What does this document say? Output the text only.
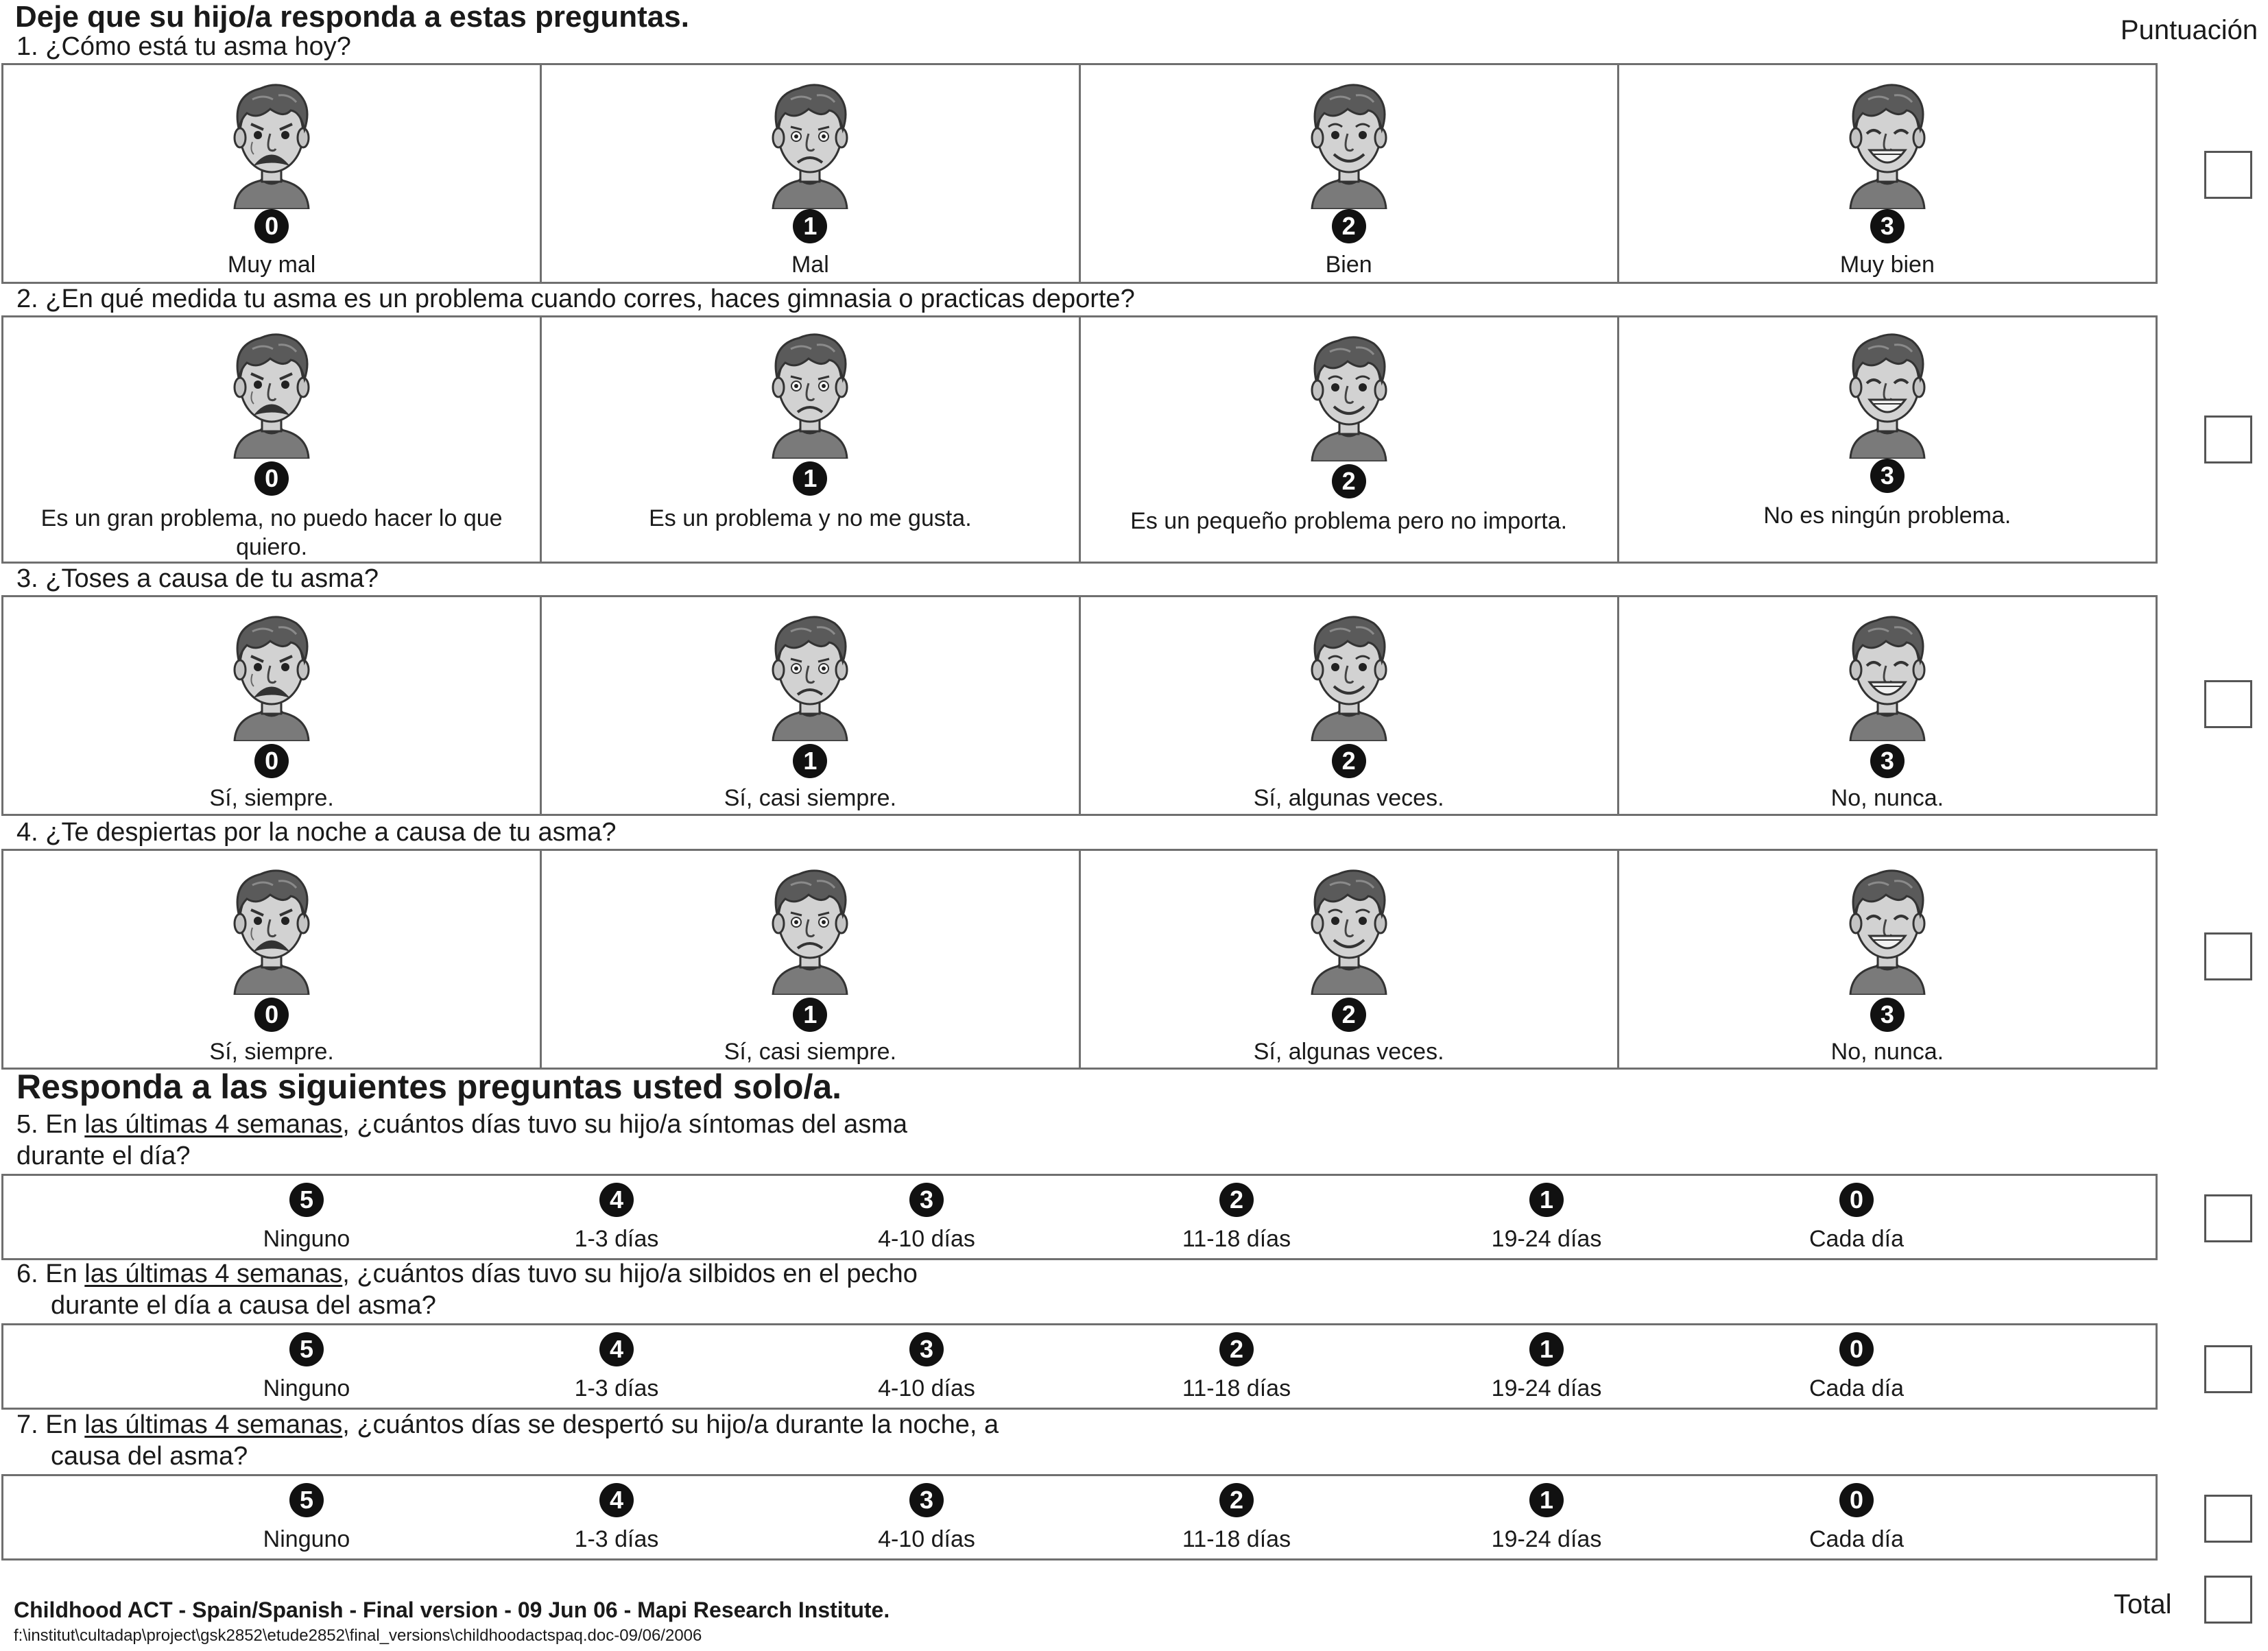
Deje que su hijo/a responda a estas preguntas.	Puntuación
1. ¿Cómo está tu asma hoy?
0
Muy mal
1
Mal
2
Bien
3
Muy bien
2. ¿En qué medida tu asma es un problema cuando corres, haces gimnasia o practicas deporte?
0
Es un gran problema, no puedo hacer lo que quiero.
1
Es un problema y no me gusta.
2
Es un pequeño problema pero no importa.
3
No es ningún problema.
3. ¿Toses a causa de tu asma?
0
Sí, siempre.
1
Sí, casi siempre.
2
Sí, algunas veces.
3
No, nunca.
4. ¿Te despiertas por la noche a causa de tu asma?
0
Sí, siempre.
1
Sí, casi siempre.
2
Sí, algunas veces.
3
No, nunca.
Responda a las siguientes preguntas usted solo/a.
5. En las últimas 4 semanas, ¿cuántos días tuvo su hijo/a síntomas del asma
durante el día?
5
Ninguno
4
1-3 días
3
4-10 días
2
11-18 días
1
19-24 días
0
Cada día
6. En las últimas 4 semanas, ¿cuántos días tuvo su hijo/a silbidos en el pecho
durante el día a causa del asma?
5
Ninguno
4
1-3 días
3
4-10 días
2
11-18 días
1
19-24 días
0
Cada día
7. En las últimas 4 semanas, ¿cuántos días se despertó su hijo/a durante la noche, a
causa del asma?
5
Ninguno
4
1-3 días
3
4-10 días
2
11-18 días
1
19-24 días
0
Cada día
Total
Childhood ACT - Spain/Spanish - Final version - 09 Jun 06 - Mapi Research Institute.
f:\institut\cultadap\project\gsk2852\etude2852\final_versions\childhoodactspaq.doc-09/06/2006
